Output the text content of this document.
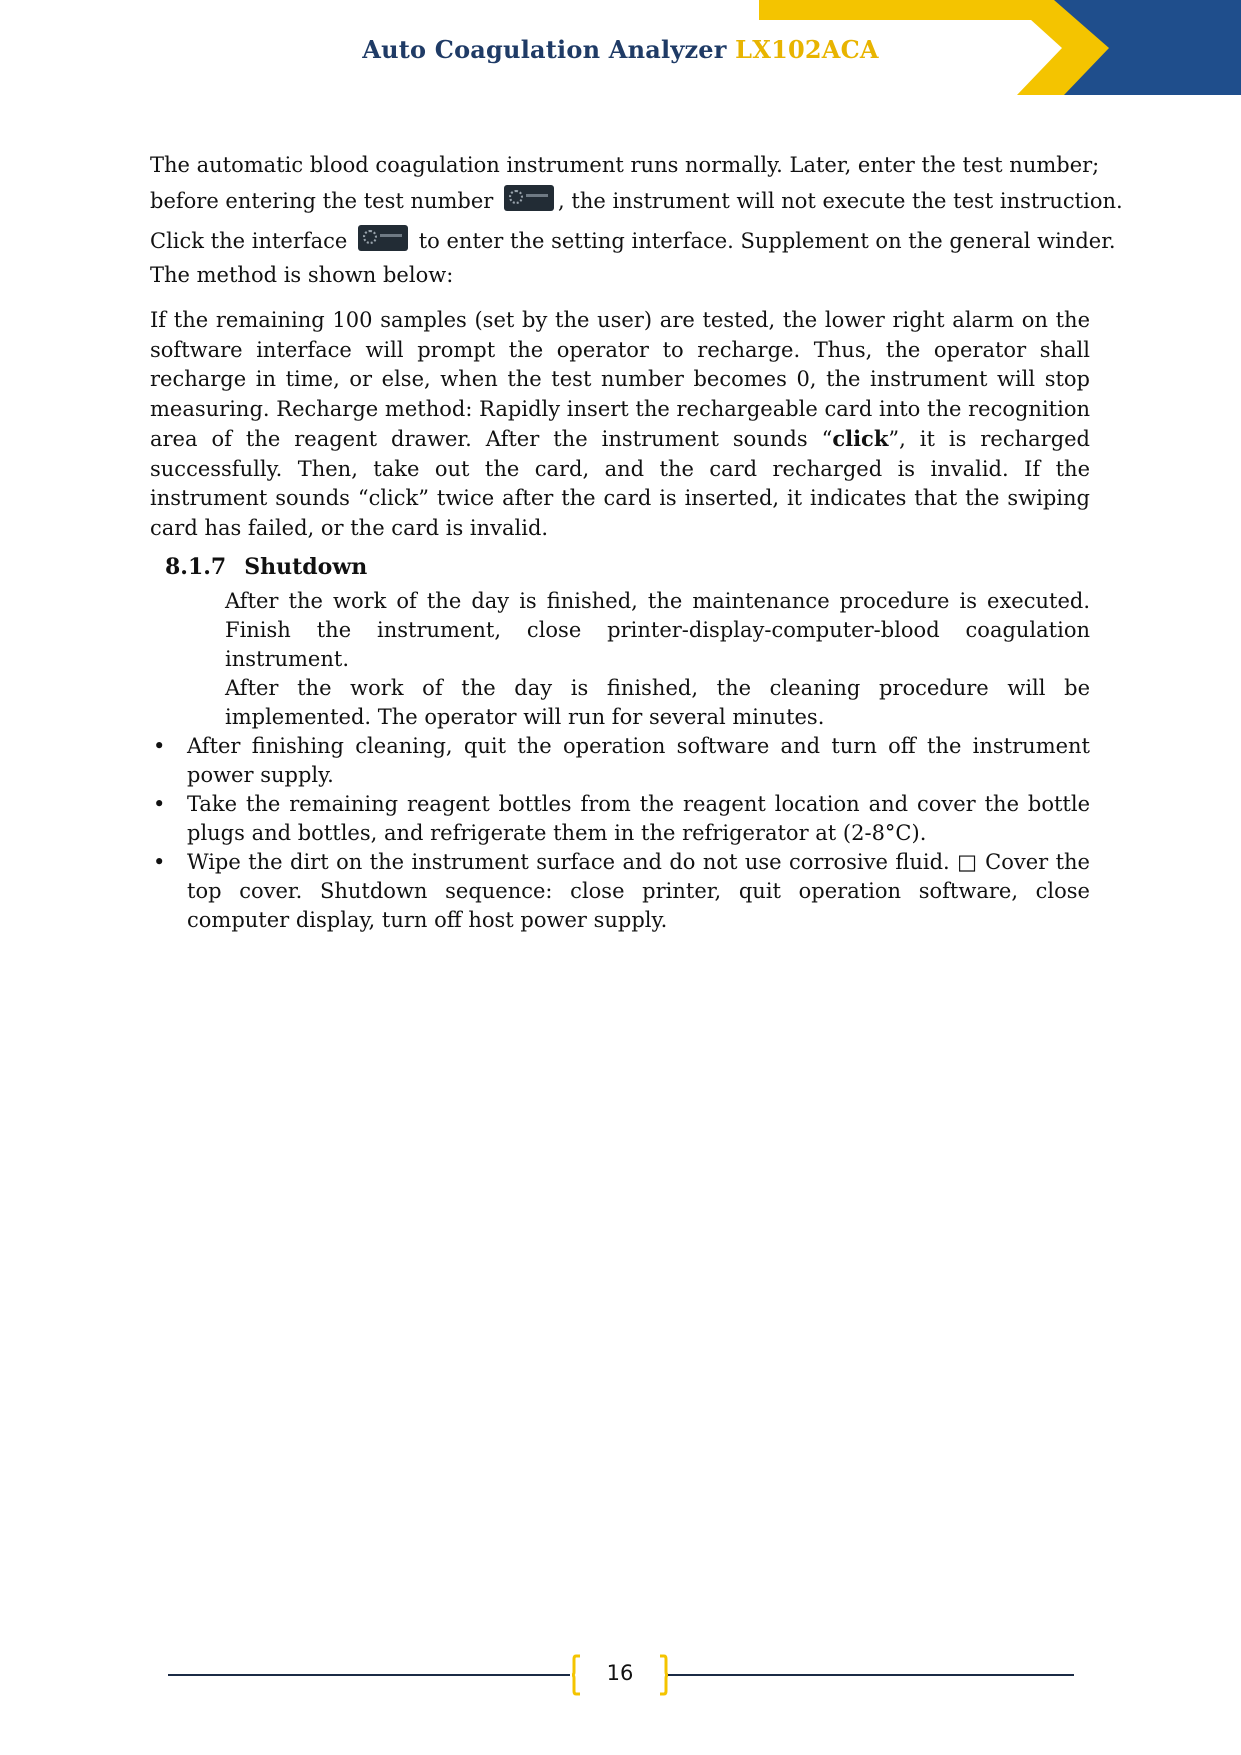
Auto Coagulation Analyzer LX102ACA
The automatic blood coagulation instrument runs normally. Later, enter the test number;
before entering the test number	, the instrument will not execute the test instruction.
Click the interface	to enter the setting interface. Supplement on the general winder.
The method is shown below:
If the remaining 100 samples (set by the user) are tested, the lower right alarm on the software interface will prompt the operator to recharge. Thus, the operator shall recharge in time, or else, when the test number becomes 0, the instrument will stop measuring. Recharge method: Rapidly insert the rechargeable card into the recognition area of the reagent drawer. After the instrument sounds “click”, it is recharged successfully. Then, take out the card, and the card recharged is invalid. If the instrument sounds “click” twice after the card is inserted, it indicates that the swiping card has failed, or the card is invalid.
8.1.7 Shutdown
After the work of the day is finished, the maintenance procedure is executed. Finish the instrument, close printer-display-computer-blood coagulation instrument.
After the work of the day is finished, the cleaning procedure will be implemented. The operator will run for several minutes.
• After finishing cleaning, quit the operation software and turn off the instrument power supply.
• Take the remaining reagent bottles from the reagent location and cover the bottle plugs and bottles, and refrigerate them in the refrigerator at (2-8°C).
• Wipe the dirt on the instrument surface and do not use corrosive fluid. □ Cover the top cover. Shutdown sequence: close printer, quit operation software, close computer display, turn off host power supply.
16
